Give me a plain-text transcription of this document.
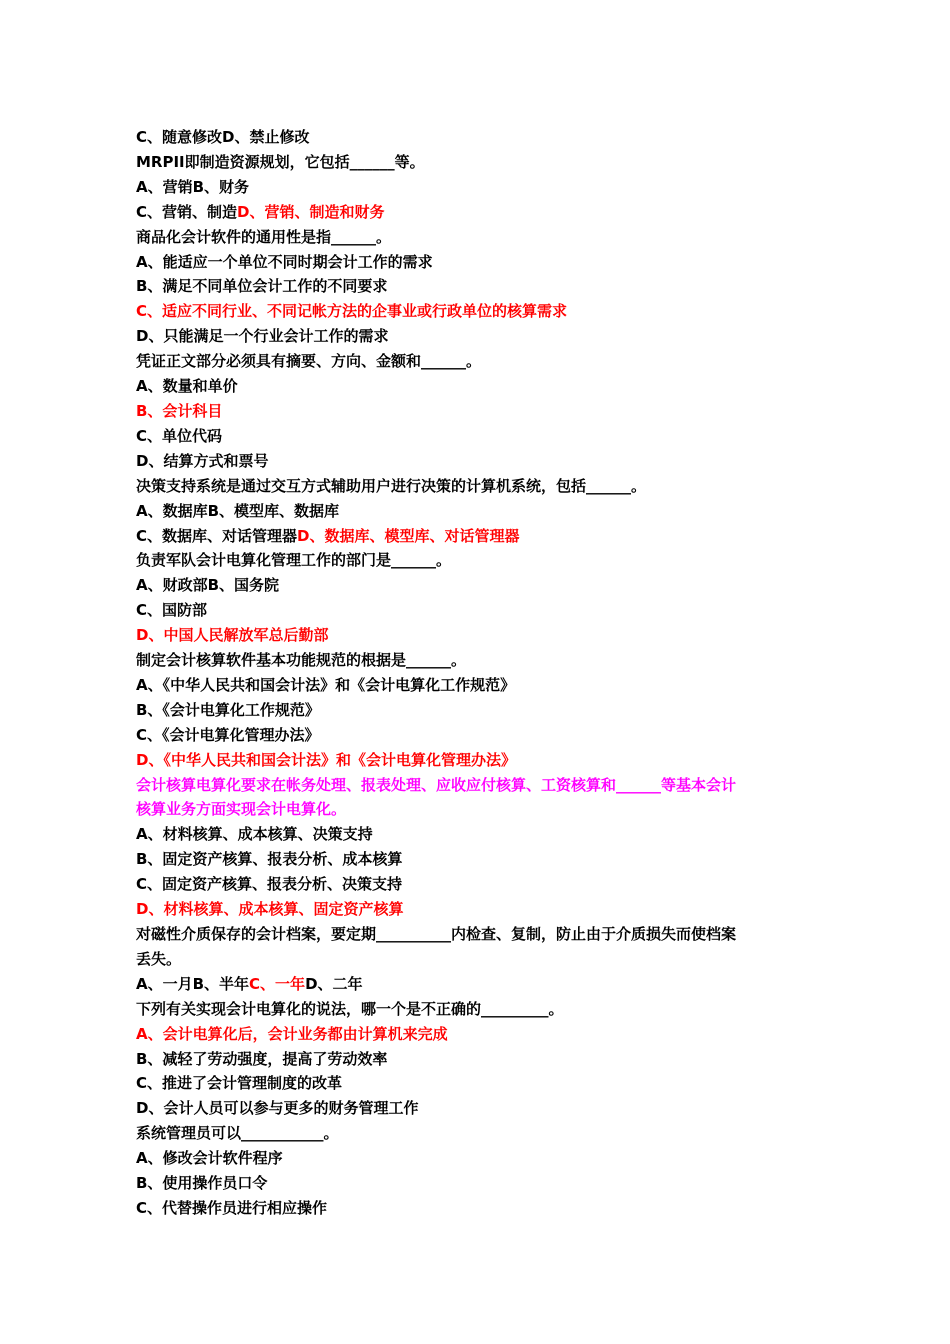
C、随意修改D、禁止修改
MRPII即制造资源规划，它包括______等。
A、营销B、财务
C、营销、制造D、营销、制造和财务
商品化会计软件的通用性是指______。
A、能适应一个单位不同时期会计工作的需求
B、满足不同单位会计工作的不同要求
C、适应不同行业、不同记帐方法的企事业或行政单位的核算需求
D、只能满足一个行业会计工作的需求
凭证正文部分必须具有摘要、方向、金额和______。
A、数量和单价
B、会计科目
C、单位代码
D、结算方式和票号
决策支持系统是通过交互方式辅助用户进行决策的计算机系统，包括______。
A、数据库B、模型库、数据库
C、数据库、对话管理器D、数据库、模型库、对话管理器
负责军队会计电算化管理工作的部门是______。
A、财政部B、国务院
C、国防部
D、中国人民解放军总后勤部
制定会计核算软件基本功能规范的根据是______。
A、《中华人民共和国会计法》和《会计电算化工作规范》
B、《会计电算化工作规范》
C、《会计电算化管理办法》
D、《中华人民共和国会计法》和《会计电算化管理办法》
会计核算电算化要求在帐务处理、报表处理、应收应付核算、工资核算和______等基本会计
核算业务方面实现会计电算化。
A、材料核算、成本核算、决策支持
B、固定资产核算、报表分析、成本核算
C、固定资产核算、报表分析、决策支持
D、材料核算、成本核算、固定资产核算
对磁性介质保存的会计档案，要定期__________内检查、复制，防止由于介质损失而使档案
丢失。
A、一月B、半年C、一年D、二年
下列有关实现会计电算化的说法，哪一个是不正确的_________。
A、会计电算化后，会计业务都由计算机来完成
B、减轻了劳动强度，提高了劳动效率
C、推进了会计管理制度的改革
D、会计人员可以参与更多的财务管理工作
系统管理员可以___________。
A、修改会计软件程序
B、使用操作员口令
C、代替操作员进行相应操作
